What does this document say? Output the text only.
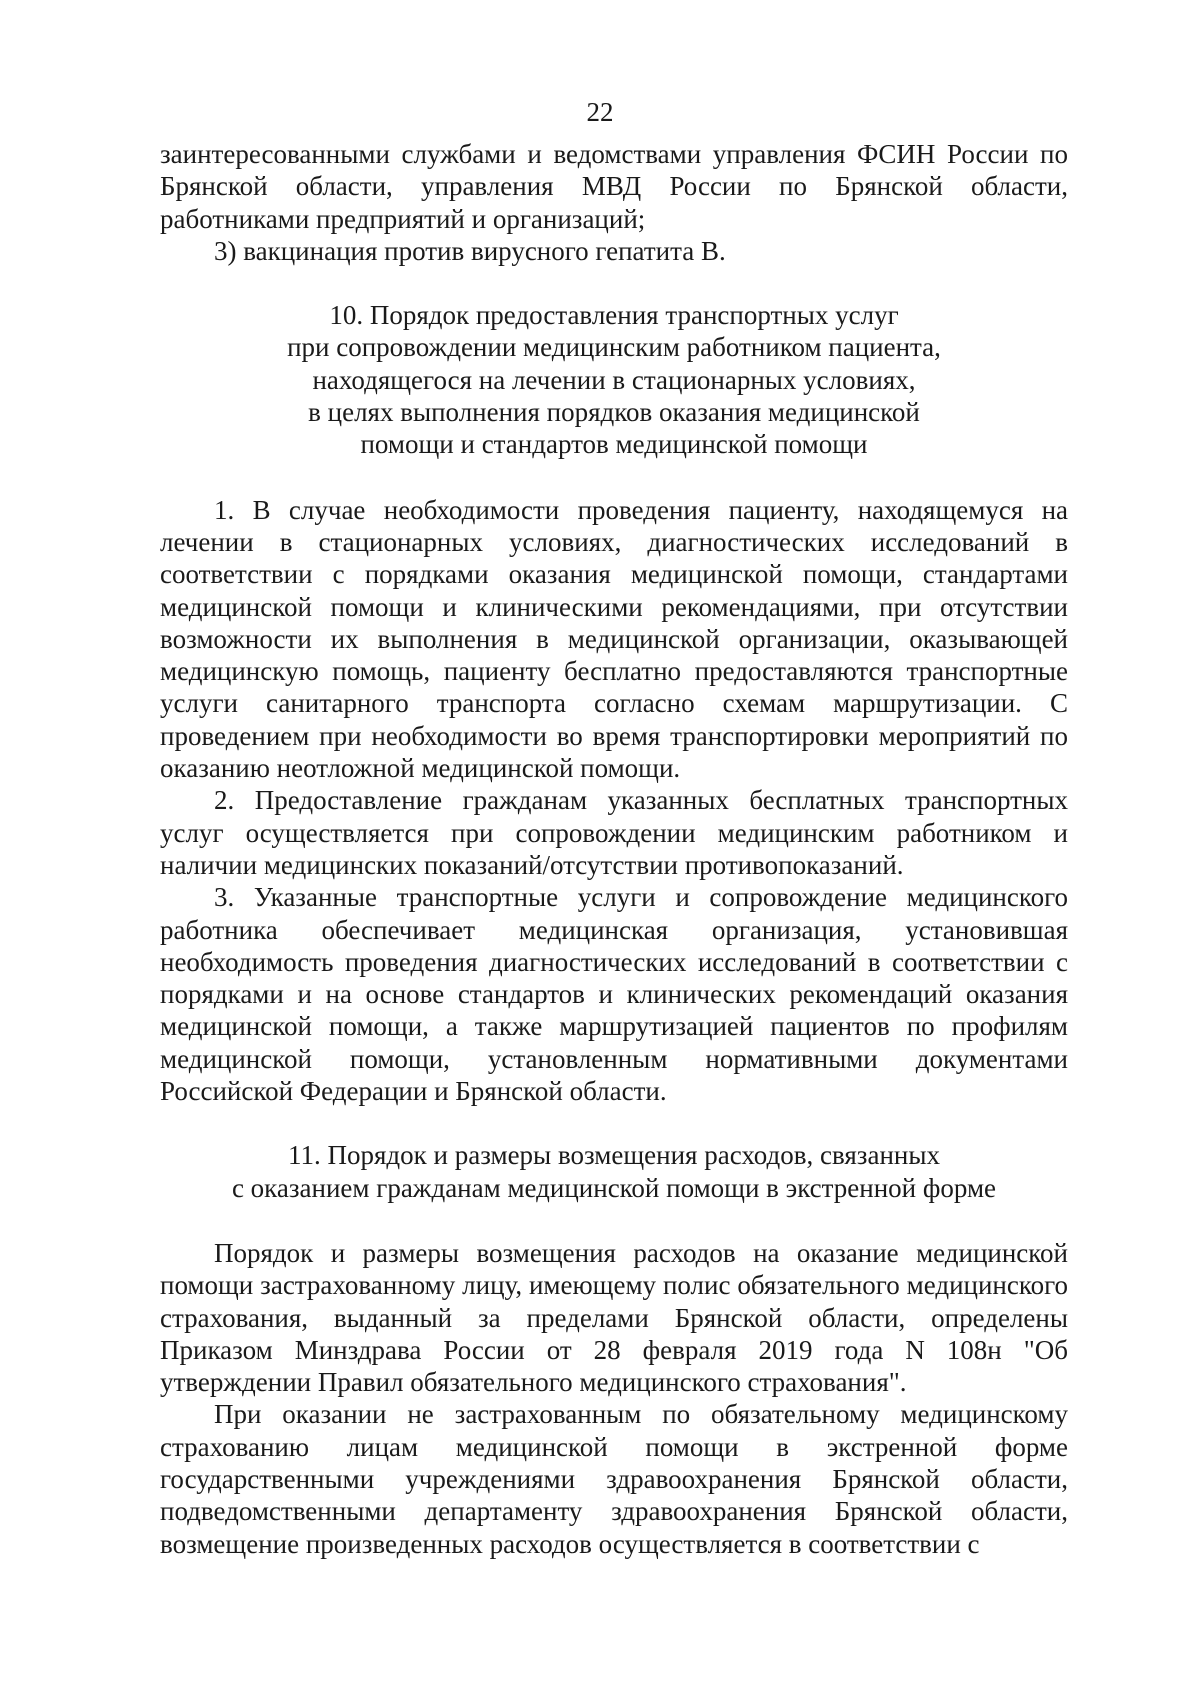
22

заинтересованными службами и ведомствами управления ФСИН России по Брянской области, управления МВД России по Брянской области, работниками предприятий и организаций;

3) вакцинация против вирусного гепатита В.

10. Порядок предоставления транспортных услуг
при сопровождении медицинским работником пациента,
находящегося на лечении в стационарных условиях,
в целях выполнения порядков оказания медицинской
помощи и стандартов медицинской помощи

1. В случае необходимости проведения пациенту, находящемуся на лечении в стационарных условиях, диагностических исследований в соответствии с порядками оказания медицинской помощи, стандартами медицинской помощи и клиническими рекомендациями, при отсутствии возможности их выполнения в медицинской организации, оказывающей медицинскую помощь, пациенту бесплатно предоставляются транспортные услуги санитарного транспорта согласно схемам маршрутизации. С проведением при необходимости во время транспортировки мероприятий по оказанию неотложной медицинской помощи.

2. Предоставление гражданам указанных бесплатных транспортных услуг осуществляется при сопровождении медицинским работником и наличии медицинских показаний/отсутствии противопоказаний.

3. Указанные транспортные услуги и сопровождение медицинского работника обеспечивает медицинская организация, установившая необходимость проведения диагностических исследований в соответствии с порядками и на основе стандартов и клинических рекомендаций оказания медицинской помощи, а также маршрутизацией пациентов по профилям медицинской помощи, установленным нормативными документами Российской Федерации и Брянской области.

11. Порядок и размеры возмещения расходов, связанных
с оказанием гражданам медицинской помощи в экстренной форме

Порядок и размеры возмещения расходов на оказание медицинской помощи застрахованному лицу, имеющему полис обязательного медицинского страхования, выданный за пределами Брянской области, определены Приказом Минздрава России от 28 февраля 2019 года N 108н "Об утверждении Правил обязательного медицинского страхования".

При оказании не застрахованным по обязательному медицинскому страхованию лицам медицинской помощи в экстренной форме государственными учреждениями здравоохранения Брянской области, подведомственными департаменту здравоохранения Брянской области, возмещение произведенных расходов осуществляется в соответствии с
